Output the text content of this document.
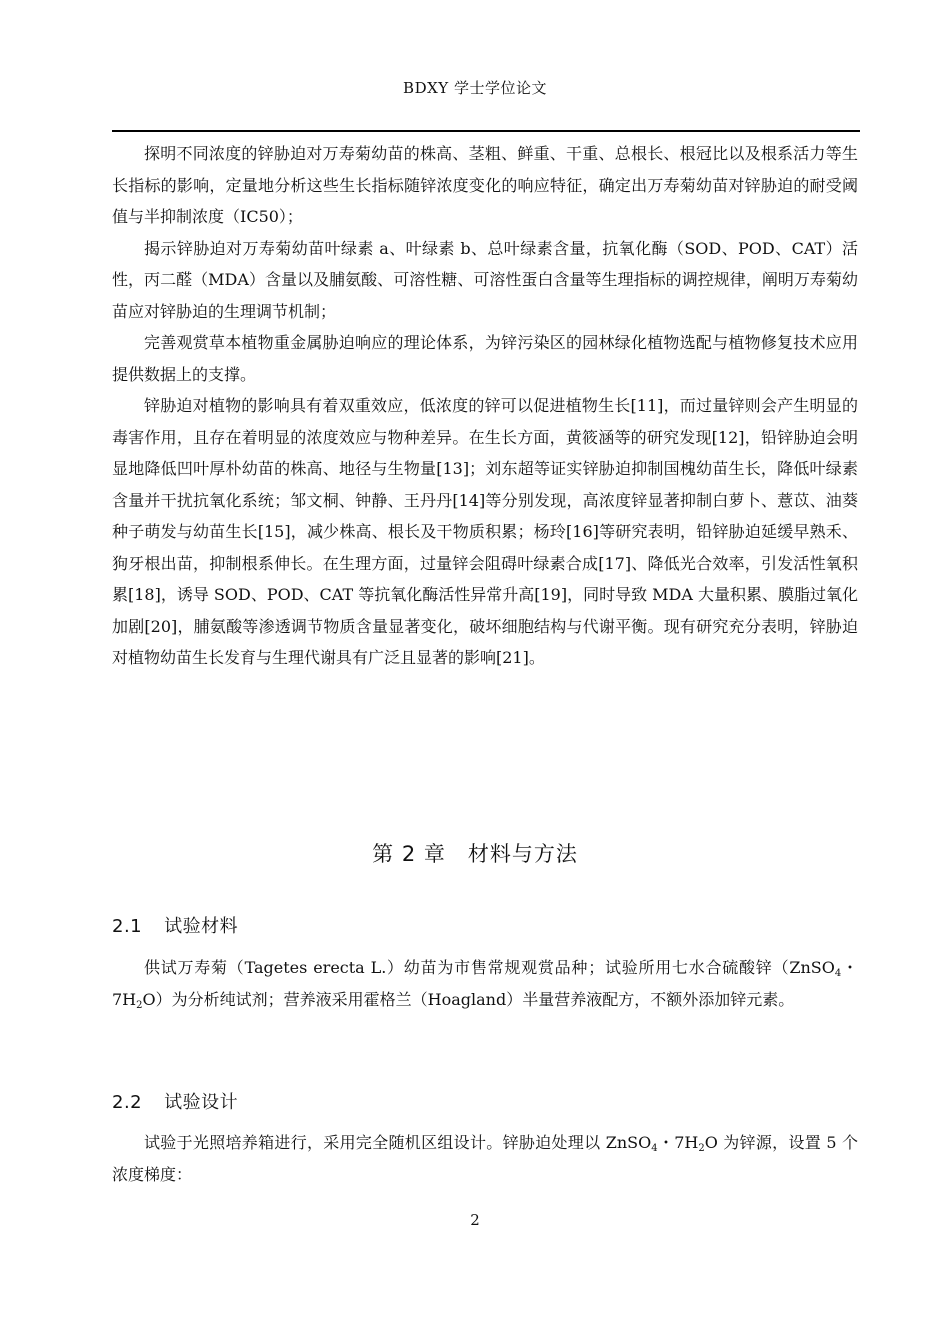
BDXY 学士学位论文

探明不同浓度的锌胁迫对万寿菊幼苗的株高、茎粗、鲜重、干重、总根长、根冠比以及根系活力等生长指标的影响，定量地分析这些生长指标随锌浓度变化的响应特征，确定出万寿菊幼苗对锌胁迫的耐受阈值与半抑制浓度（IC50）；

揭示锌胁迫对万寿菊幼苗叶绿素 a、叶绿素 b、总叶绿素含量，抗氧化酶（SOD、POD、CAT）活性，丙二醛（MDA）含量以及脯氨酸、可溶性糖、可溶性蛋白含量等生理指标的调控规律，阐明万寿菊幼苗应对锌胁迫的生理调节机制；

完善观赏草本植物重金属胁迫响应的理论体系，为锌污染区的园林绿化植物选配与植物修复技术应用提供数据上的支撑。

锌胁迫对植物的影响具有着双重效应，低浓度的锌可以促进植物生长[11]，而过量锌则会产生明显的毒害作用，且存在着明显的浓度效应与物种差异。在生长方面，黄筱涵等的研究发现[12]，铅锌胁迫会明显地降低凹叶厚朴幼苗的株高、地径与生物量[13]；刘东超等证实锌胁迫抑制国槐幼苗生长，降低叶绿素含量并干扰抗氧化系统；邹文桐、钟静、王丹丹[14]等分别发现，高浓度锌显著抑制白萝卜、薏苡、油葵种子萌发与幼苗生长[15]，减少株高、根长及干物质积累；杨玲[16]等研究表明，铅锌胁迫延缓早熟禾、狗牙根出苗，抑制根系伸长。在生理方面，过量锌会阻碍叶绿素合成[17]、降低光合效率，引发活性氧积累[18]，诱导 SOD、POD、CAT 等抗氧化酶活性异常升高[19]，同时导致 MDA 大量积累、膜脂过氧化加剧[20]，脯氨酸等渗透调节物质含量显著变化，破坏细胞结构与代谢平衡。现有研究充分表明，锌胁迫对植物幼苗生长发育与生理代谢具有广泛且显著的影响[21]。

第 2 章　材料与方法
2.1 试验材料

供试万寿菊（Tagetes erecta L.）幼苗为市售常规观赏品种；试验所用七水合硫酸锌（ZnSO$_4$・$7H_2O$）为分析纯试剂；营养液采用霍格兰（Hoagland）半量营养液配方，不额外添加锌元素。

2.2 试验设计

试验于光照培养箱进行，采用完全随机区组设计。锌胁迫处理以 ZnSO$_4$・$7H_2O$ 为锌源，设置 5 个浓度梯度：

2
